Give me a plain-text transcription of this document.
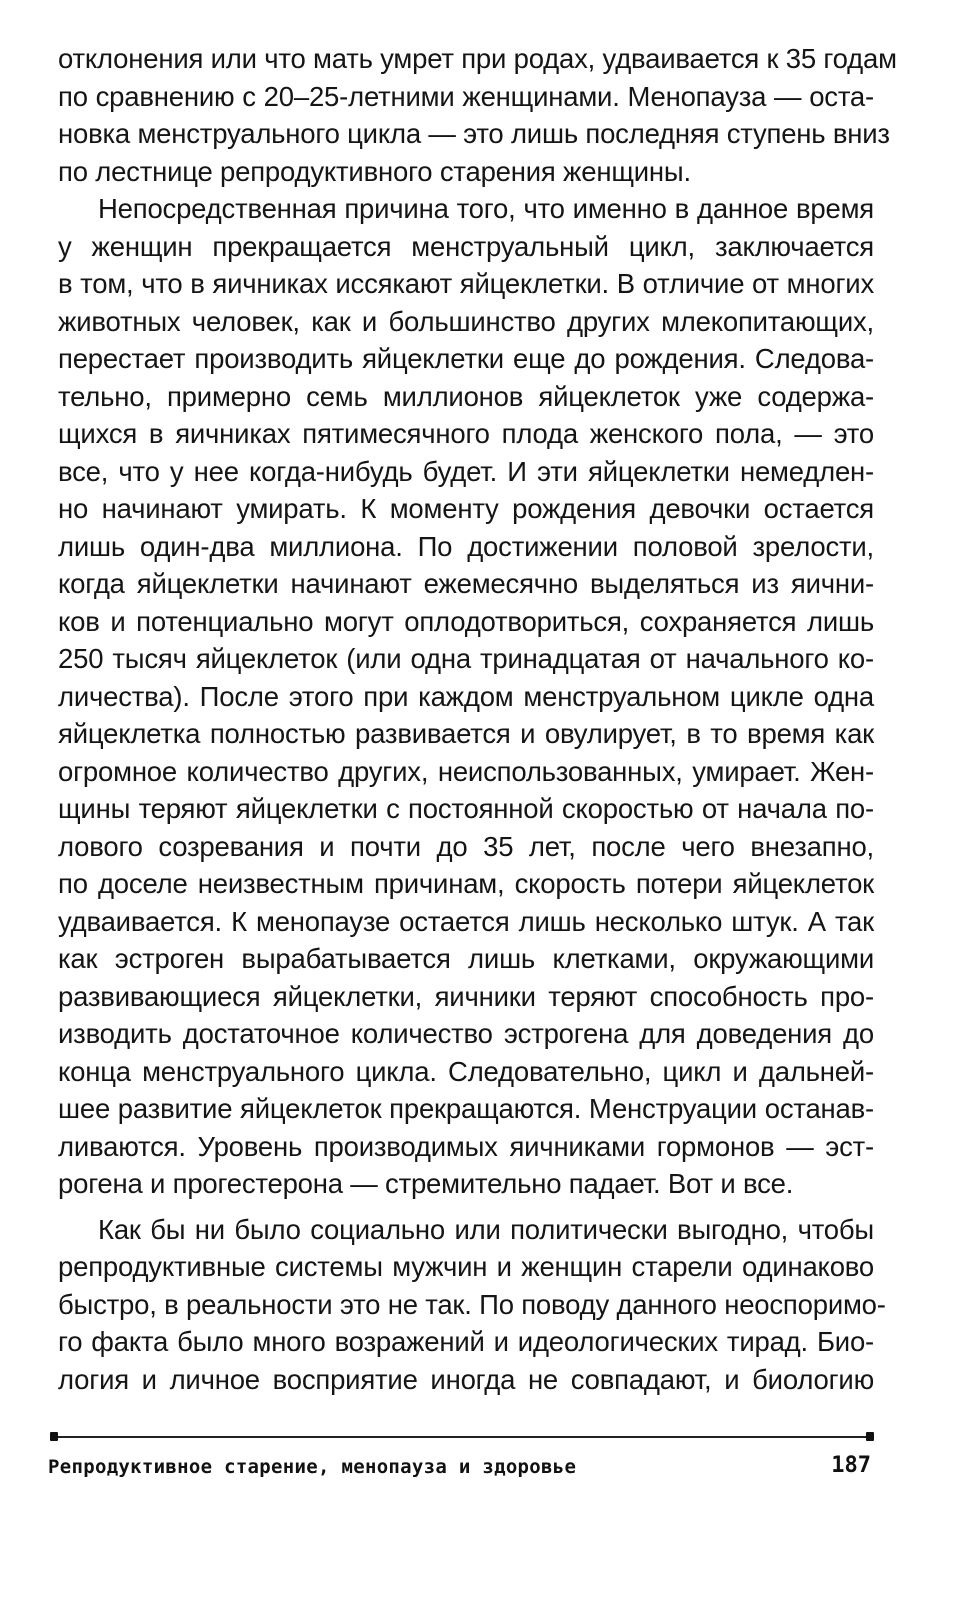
отклонения или что мать умрет при родах, удваивается к 35 годам
по сравнению с 20–25-летними женщинами. Менопауза — оста-
новка менструального цикла — это лишь последняя ступень вниз
по лестнице репродуктивного старения женщины.
Непосредственная причина того, что именно в данное время
у женщин прекращается менструальный цикл, заключается
в том, что в яичниках иссякают яйцеклетки. В отличие от многих
животных человек, как и большинство других млекопитающих,
перестает производить яйцеклетки еще до рождения. Следова-
тельно, примерно семь миллионов яйцеклеток уже содержа-
щихся в яичниках пятимесячного плода женского пола, — это
все, что у нее когда-нибудь будет. И эти яйцеклетки немедлен-
но начинают умирать. К моменту рождения девочки остается
лишь один-два миллиона. По достижении половой зрелости,
когда яйцеклетки начинают ежемесячно выделяться из яични-
ков и потенциально могут оплодотвориться, сохраняется лишь
250 тысяч яйцеклеток (или одна тринадцатая от начального ко-
личества). После этого при каждом менструальном цикле одна
яйцеклетка полностью развивается и овулирует, в то время как
огромное количество других, неиспользованных, умирает. Жен-
щины теряют яйцеклетки с постоянной скоростью от начала по-
лового созревания и почти до 35 лет, после чего внезапно,
по доселе неизвестным причинам, скорость потери яйцеклеток
удваивается. К менопаузе остается лишь несколько штук. А так
как эстроген вырабатывается лишь клетками, окружающими
развивающиеся яйцеклетки, яичники теряют способность про-
изводить достаточное количество эстрогена для доведения до
конца менструального цикла. Следовательно, цикл и дальней-
шее развитие яйцеклеток прекращаются. Менструации останав-
ливаются. Уровень производимых яичниками гормонов — эст-
рогена и прогестерона — стремительно падает. Вот и все.
Как бы ни было социально или политически выгодно, чтобы
репродуктивные системы мужчин и женщин старели одинаково
быстро, в реальности это не так. По поводу данного неоспоримо-
го факта было много возражений и идеологических тирад. Био-
логия и личное восприятие иногда не совпадают, и биологию
Репродуктивное старение, менопауза и здоровье	187
